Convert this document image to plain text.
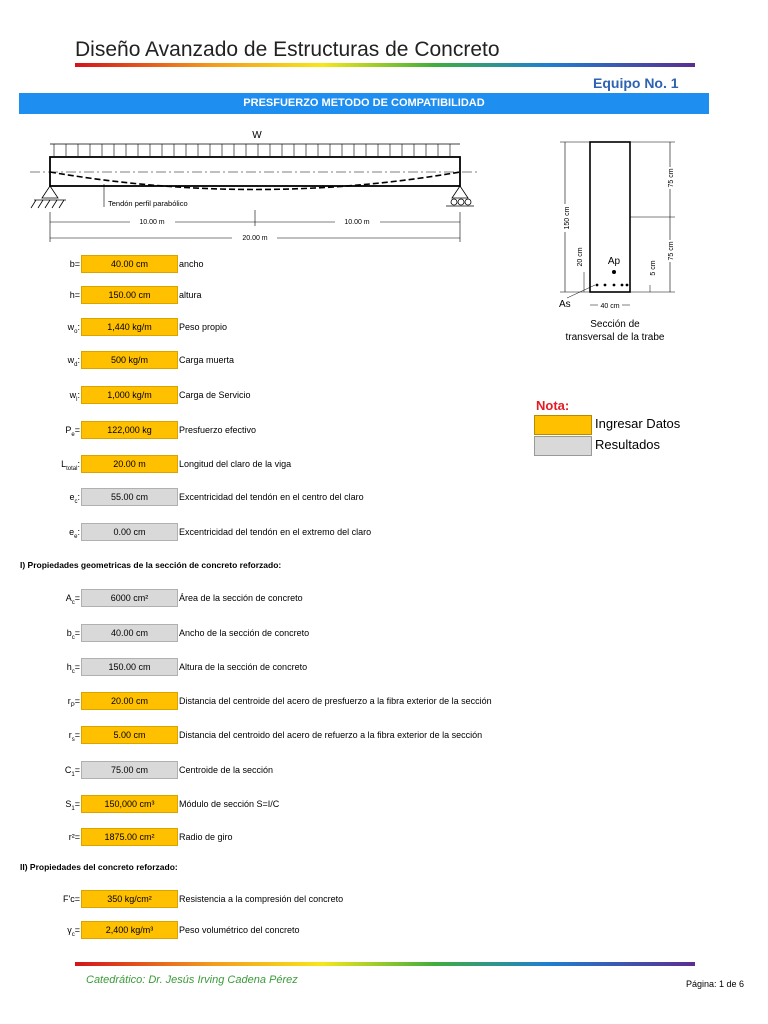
Diseño Avanzado de Estructuras de Concreto
Equipo No. 1
PRESFUERZO METODO DE COMPATIBILIDAD
W
Tendón perfil parabólico
10.00 m	10.00 m
20.00 m
150 cm
75 cm
75 cm
20 cm
5 cm
Ap
As	40 cm
Sección de
transversal de la trabe
b=	40.00 cm	ancho
h=	150.00 cm	altura
$w_o$:	1,440 kg/m	Peso propio
$w_d$:	500 kg/m	Carga muerta
$w_l$:	1,000 kg/m	Carga de Servicio
$P_e=$	122,000 kg	Presfuerzo efectivo
$L_{total}$:	20.00 m	Longitud del claro de la viga
$e_c$:	55.00 cm	Excentricidad del tendón en el centro del claro
$e_e$:	0.00 cm	Excentricidad del tendón en el extremo del claro
Nota:
Ingresar Datos
Resultados
I) Propiedades geometricas de la sección de concreto reforzado:
$A_c=$	6000 cm²	Área de la sección de concreto
$b_c=$	40.00 cm	Ancho de la sección de concreto
$h_c=$	150.00 cm	Altura de la sección de concreto
$r_P=$	20.00 cm	Distancia del centroide del acero de presfuerzo a la fibra exterior de la sección
$r_s=$	5.00 cm	Distancia del centroido del acero de refuerzo a la fibra exterior de la sección
$C_1=$	75.00 cm	Centroide de la sección
$S_1=$	150,000 cm³	Módulo de sección S=I/C
r²=	1875.00 cm²	Radio de giro
II) Propiedades del concreto reforzado:
F'c=	350 kg/cm²	Resistencia a la compresión del concreto
$\gamma_c=$	2,400 kg/m³	Peso volumétrico del concreto
Catedrático: Dr. Jesús Irving Cadena Pérez	Página: 1 de 6
